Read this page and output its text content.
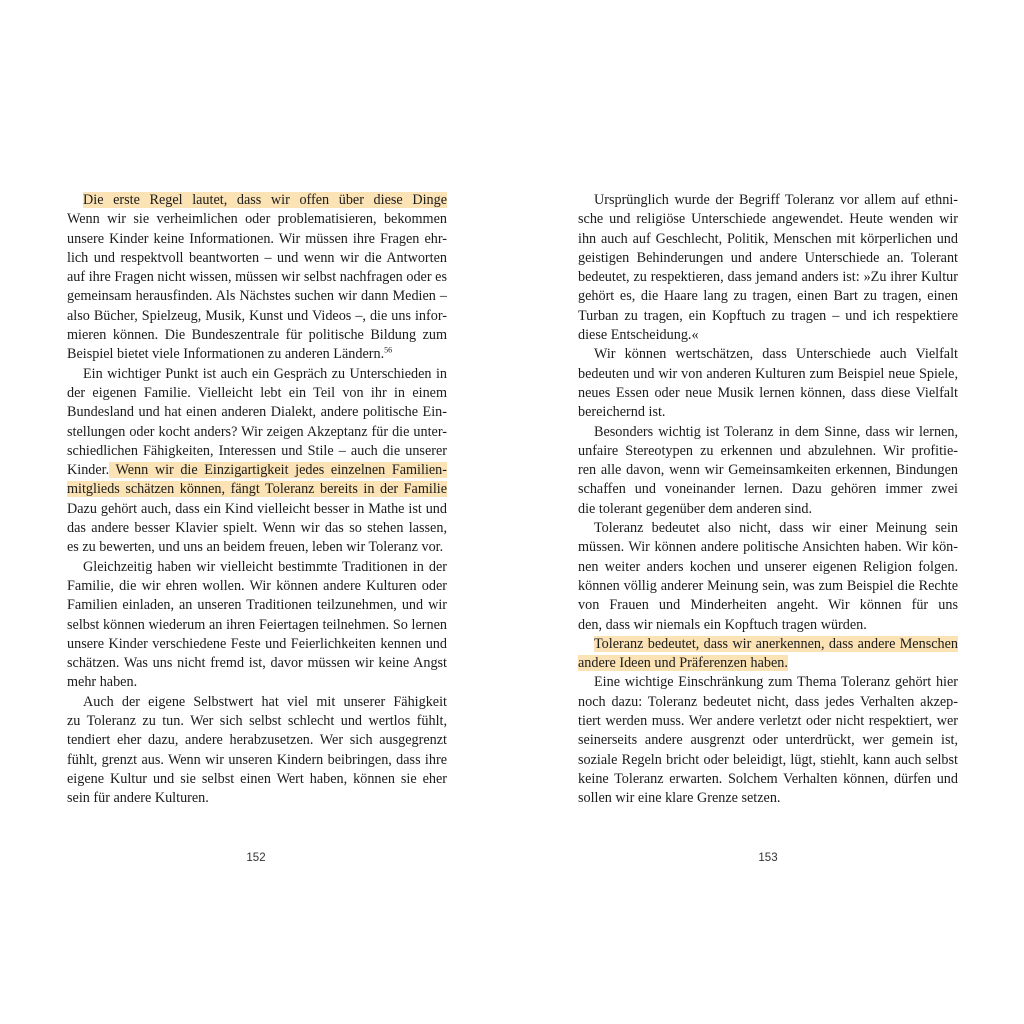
Die erste Regel lautet, dass wir offen über diese Dinge
Wenn wir sie verheimlichen oder problematisieren, bekommen
unsere Kinder keine Informationen. Wir müssen ihre Fragen ehr-
lich und respektvoll beantworten – und wenn wir die Antworten
auf ihre Fragen nicht wissen, müssen wir selbst nachfragen oder es
gemeinsam herausfinden. Als Nächstes suchen wir dann Medien –
also Bücher, Spielzeug, Musik, Kunst und Videos –, die uns infor-
mieren können. Die Bundeszentrale für politische Bildung zum
Beispiel bietet viele Informationen zu anderen Ländern.$^{56}$
Ein wichtiger Punkt ist auch ein Gespräch zu Unterschieden in
der eigenen Familie. Vielleicht lebt ein Teil von ihr in einem
Bundesland und hat einen anderen Dialekt, andere politische Ein-
stellungen oder kocht anders? Wir zeigen Akzeptanz für die unter-
schiedlichen Fähigkeiten, Interessen und Stile – auch die unserer
Kinder. Wenn wir die Einzigartigkeit jedes einzelnen Familien-
mitglieds schätzen können, fängt Toleranz bereits in der Familie
Dazu gehört auch, dass ein Kind vielleicht besser in Mathe ist und
das andere besser Klavier spielt. Wenn wir das so stehen lassen,
es zu bewerten, und uns an beidem freuen, leben wir Toleranz vor.
Gleichzeitig haben wir vielleicht bestimmte Traditionen in der
Familie, die wir ehren wollen. Wir können andere Kulturen oder
Familien einladen, an unseren Traditionen teilzunehmen, und wir
selbst können wiederum an ihren Feiertagen teilnehmen. So lernen
unsere Kinder verschiedene Feste und Feierlichkeiten kennen und
schätzen. Was uns nicht fremd ist, davor müssen wir keine Angst
mehr haben.
Auch der eigene Selbstwert hat viel mit unserer Fähigkeit
zu Toleranz zu tun. Wer sich selbst schlecht und wertlos fühlt,
tendiert eher dazu, andere herabzusetzen. Wer sich ausgegrenzt
fühlt, grenzt aus. Wenn wir unseren Kindern beibringen, dass ihre
eigene Kultur und sie selbst einen Wert haben, können sie eher
sein für andere Kulturen.
Ursprünglich wurde der Begriff Toleranz vor allem auf ethni-
sche und religiöse Unterschiede angewendet. Heute wenden wir
ihn auch auf Geschlecht, Politik, Menschen mit körperlichen und
geistigen Behinderungen und andere Unterschiede an. Tolerant
bedeutet, zu respektieren, dass jemand anders ist: »Zu ihrer Kultur
gehört es, die Haare lang zu tragen, einen Bart zu tragen, einen
Turban zu tragen, ein Kopftuch zu tragen – und ich respektiere
diese Entscheidung.«
Wir können wertschätzen, dass Unterschiede auch Vielfalt
bedeuten und wir von anderen Kulturen zum Beispiel neue Spiele,
neues Essen oder neue Musik lernen können, dass diese Vielfalt
bereichernd ist.
Besonders wichtig ist Toleranz in dem Sinne, dass wir lernen,
unfaire Stereotypen zu erkennen und abzulehnen. Wir profitie-
ren alle davon, wenn wir Gemeinsamkeiten erkennen, Bindungen
schaffen und voneinander lernen. Dazu gehören immer zwei
die tolerant gegenüber dem anderen sind.
Toleranz bedeutet also nicht, dass wir einer Meinung sein
müssen. Wir können andere politische Ansichten haben. Wir kön-
nen weiter anders kochen und unserer eigenen Religion folgen.
können völlig anderer Meinung sein, was zum Beispiel die Rechte
von Frauen und Minderheiten angeht. Wir können für uns
den, dass wir niemals ein Kopftuch tragen würden.
Toleranz bedeutet, dass wir anerkennen, dass andere Menschen
andere Ideen und Präferenzen haben.
Eine wichtige Einschränkung zum Thema Toleranz gehört hier
noch dazu: Toleranz bedeutet nicht, dass jedes Verhalten akzep-
tiert werden muss. Wer andere verletzt oder nicht respektiert, wer
seinerseits andere ausgrenzt oder unterdrückt, wer gemein ist,
soziale Regeln bricht oder beleidigt, lügt, stiehlt, kann auch selbst
keine Toleranz erwarten. Solchem Verhalten können, dürfen und
sollen wir eine klare Grenze setzen.
152	153
